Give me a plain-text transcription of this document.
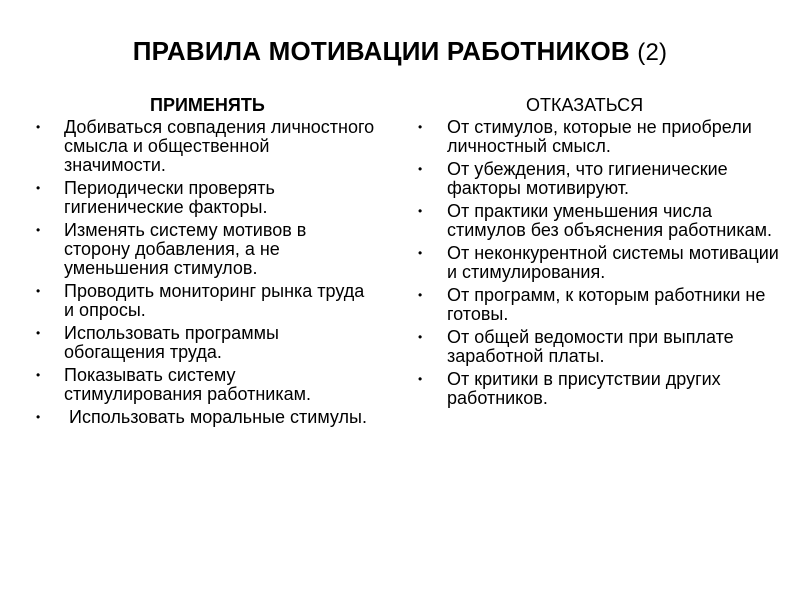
ПРАВИЛА МОТИВАЦИИ РАБОТНИКОВ (2)
ПРИМЕНЯТЬ
• Добиваться совпадения личностного смысла и общественной значимости.
• Периодически проверять гигиенические факторы.
• Изменять систему мотивов в сторону добавления, а не уменьшения стимулов.
• Проводить мониторинг рынка труда и опросы.
• Использовать программы обогащения труда.
• Показывать систему стимулирования работникам.
• Использовать моральные стимулы.
ОТКАЗАТЬСЯ
• От стимулов, которые не приобрели личностный смысл.
• От убеждения, что гигиенические факторы мотивируют.
• От практики уменьшения числа стимулов без объяснения работникам.
• От неконкурентной системы мотивации и стимулирования.
• От программ, к которым работники не готовы.
• От общей ведомости при выплате заработной платы.
• От критики в присутствии других работников.
